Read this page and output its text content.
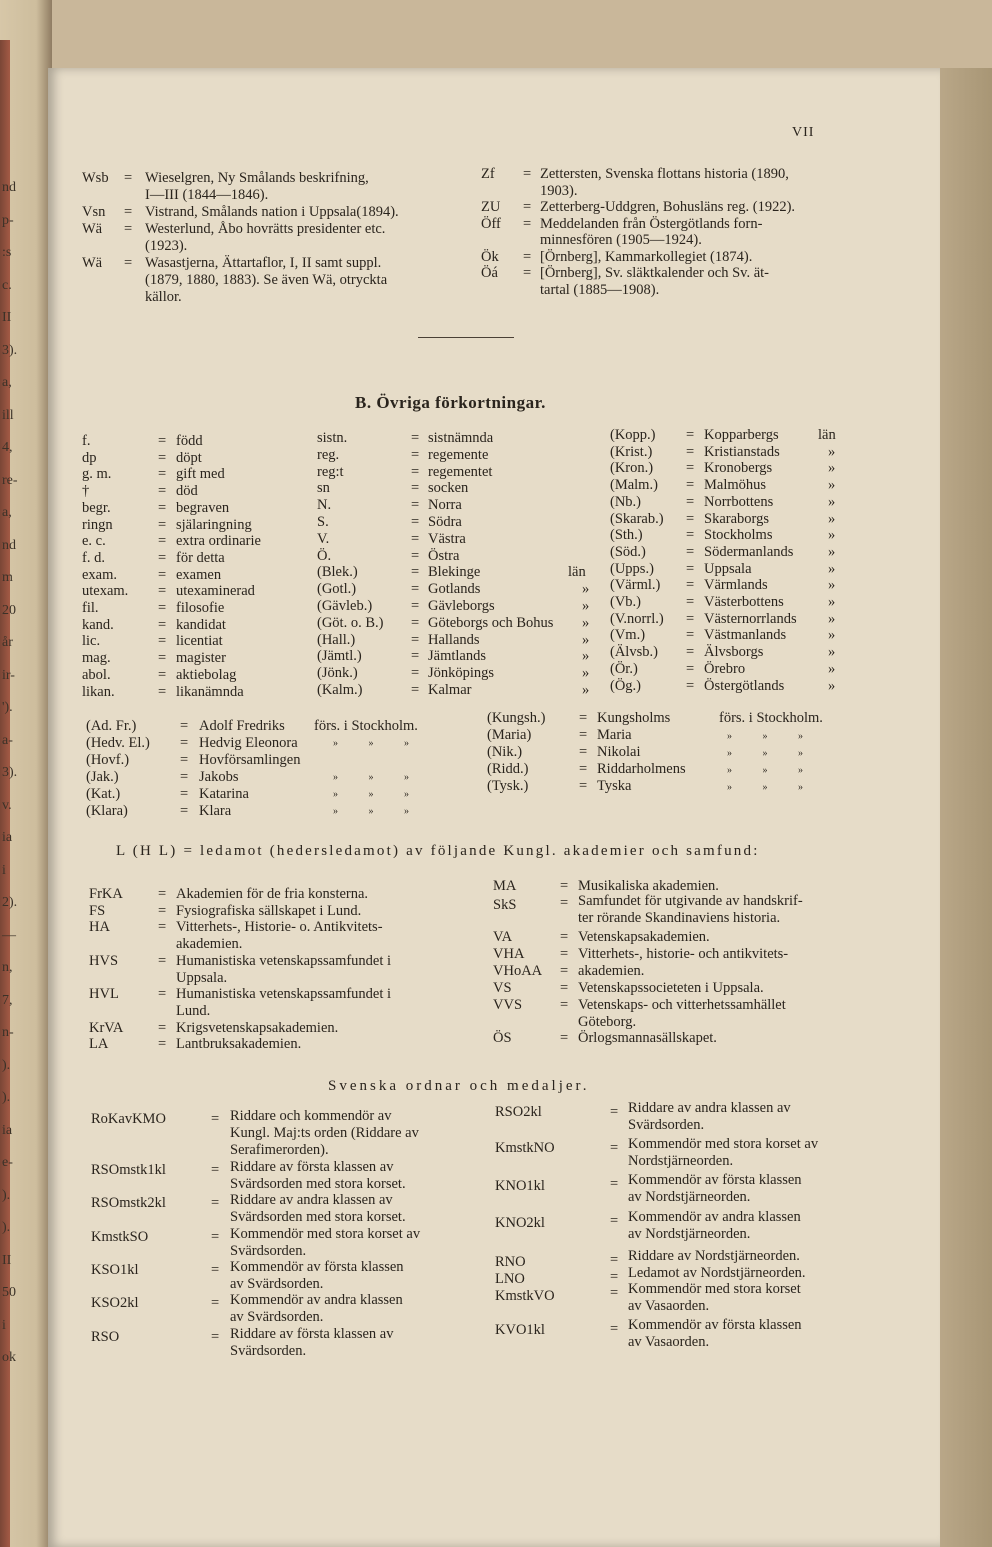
nd
p-
:s
c.
II
3).
a,
ill
4,
re-
a,
nd
m
20
år
ir-
').
a-
3).
v.
ia
i
2).
—
n,
7,
n-
).
).
ia
e-
).
).
II
50
i
ok
VII
Wsb = Wieselgren, Ny Smålands beskrifning,
I—III (1844—1846).
Vsn = Vistrand, Smålands nation i Uppsala(1894).
Wä = Westerlund, Åbo hovrätts presidenter etc.
(1923).
Wä = Wasastjerna, Ättartaflor, I, II samt suppl.
(1879, 1880, 1883). Se även Wä, otryckta
källor.
Zf = Zettersten, Svenska flottans historia (1890,
1903).
ZU = Zetterberg-Uddgren, Bohusläns reg. (1922).
Öff = Meddelanden från Östergötlands forn-
minnesfören (1905—1924).
Ök = [Örnberg], Kammarkollegiet (1874).
Öá = [Örnberg], Sv. släktkalender och Sv. ät-
tartal (1885—1908).
f.	= född
dp	= döpt
g. m.	= gift med
†	= död
begr.	= begraven
ringn	= själaringning
e. c.	= extra ordinarie
f. d.	= för detta
exam.	= examen
utexam. = utexaminerad
fil.	= filosofie
kand.	= kandidat
lic.	= licentiat
mag.	= magister
abol.	= aktiebolag
likan.	= likanämnda
sistn.	= sistnämnda
reg.	= regemente
reg:t	= regementet
sn	= socken
N.	= Norra
S.	= Södra
V.	= Västra
Ö.	= Östra
(Blek.)	= Blekinge	län
(Gotl.)	= Gotlands	»
(Gävleb.)	= Gävleborgs	»
(Göt. o. B.) = Göteborgs och Bohus »
(Hall.)	= Hallands	»
(Jämtl.)	= Jämtlands	»
(Jönk.)	= Jönköpings	»
(Kalm.)	= Kalmar	»
(Kopp.) = Kopparbergs	län
(Krist.) = Kristianstads	»
(Kron.) = Kronobergs	»
(Malm.) = Malmöhus	»
(Nb.)	= Norrbottens	»
(Skarab.) = Skaraborgs	»
(Sth.)	= Stockholms	»
(Söd.)	= Södermanlands »
(Upps.) = Uppsala	»
(Värml.) = Värmlands	»
(Vb.)	= Västerbottens	»
(V.norrl.) = Västernorrlands »
(Vm.)	= Västmanlands	»
(Älvsb.) = Älvsborgs	»
(Ör.)	= Örebro	»
(Ög.)	= Östergötlands	»
(Ad. Fr.)	= Adolf Fredriks förs. i Stockholm.
(Hedv. El.) = Hedvig Eleonora	» » »
(Hovf.)	= Hovförsamlingen
(Jak.)	= Jakobs	» » »
(Kat.)	= Katarina	» » »
(Klara)	= Klara	» » »
(Kungsh.) = Kungsholms	förs. i Stockholm.
(Maria)	= Maria	» » »
(Nik.)	= Nikolai	» » »
(Ridd.)	= Riddarholmens	» » »
(Tysk.)	= Tyska	» » »
FrKA = Akademien för de fria konsterna.
FS	= Fysiografiska sällskapet i Lund.
HA	= Vitterhets-, Historie- o. Antikvitets-
akademien.
HVS	= Humanistiska vetenskapssamfundet i
Uppsala.
HVL	= Humanistiska vetenskapssamfundet i
Lund.
KrVA = Krigsvetenskapsakademien.
LA	= Lantbruksakademien.
MA	= Musikaliska akademien.
SkS	= Samfundet för utgivande av handskrif-
ter rörande Skandinaviens historia.
VA	= Vetenskapsakademien.
VHA = Vitterhets-, historie- och antikvitets-
VHoAA = akademien.
VS	= Vetenskapssocieteten i Uppsala.
VVS	= Vetenskaps- och vitterhetssamhället
Göteborg.
ÖS	= Örlogsmannasällskapet.
RoKavKMO	= Riddare och kommendör av
Kungl. Maj:ts orden (Riddare av
Serafimerorden).
RSOmstk1kl	= Riddare av första klassen av
Svärdsorden med stora korset.
RSOmstk2kl	= Riddare av andra klassen av
Svärdsorden med stora korset.
KmstkSO	= Kommendör med stora korset av
Svärdsorden.
KSO1kl	= Kommendör av första klassen
av Svärdsorden.
KSO2kl	= Kommendör av andra klassen
av Svärdsorden.
RSO	= Riddare av första klassen av
Svärdsorden.
RSO2kl	= Riddare av andra klassen av
Svärdsorden.
KmstkNO	= Kommendör med stora korset av
Nordstjärneorden.
KNO1kl	= Kommendör av första klassen
av Nordstjärneorden.
KNO2kl	= Kommendör av andra klassen
av Nordstjärneorden.
RNO	= Riddare av Nordstjärneorden.
LNO	= Ledamot av Nordstjärneorden.
KmstkVO	= Kommendör med stora korset
av Vasaorden.
KVO1kl	= Kommendör av första klassen
av Vasaorden.
B. Övriga förkortningar.
L (H L) = ledamot (hedersledamot) av följande Kungl. akademier och samfund:
Svenska ordnar och medaljer.
